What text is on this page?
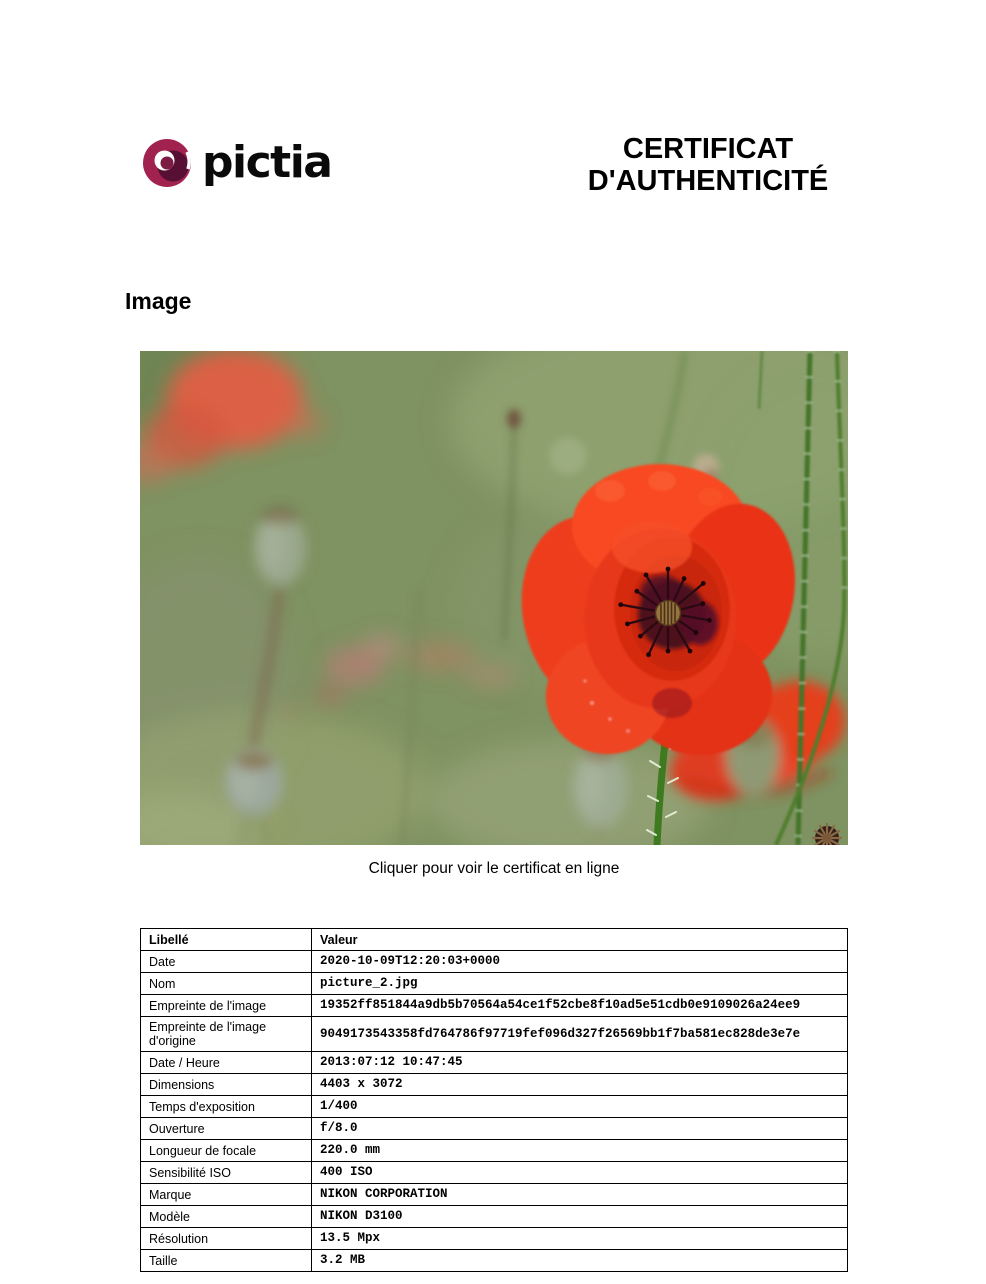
pictia	CERTIFICAT
D'AUTHENTICITÉ
Image
Cliquer pour voir le certificat en ligne
Libellé	Valeur
Date	2020-10-09T12:20:03+0000
Nom	picture_2.jpg
Empreinte de l'image	19352ff851844a9db5b70564a54ce1f52cbe8f10ad5e51cdb0e9109026a24ee9
Empreinte de l'image d'origine	9049173543358fd764786f97719fef096d327f26569bb1f7ba581ec828de3e7e
Date / Heure	2013:07:12 10:47:45
Dimensions	4403 x 3072
Temps d'exposition	1/400
Ouverture	f/8.0
Longueur de focale	220.0 mm
Sensibilité ISO	400 ISO
Marque	NIKON CORPORATION
Modèle	NIKON D3100
Résolution	13.5 Mpx
Taille	3.2 MB
